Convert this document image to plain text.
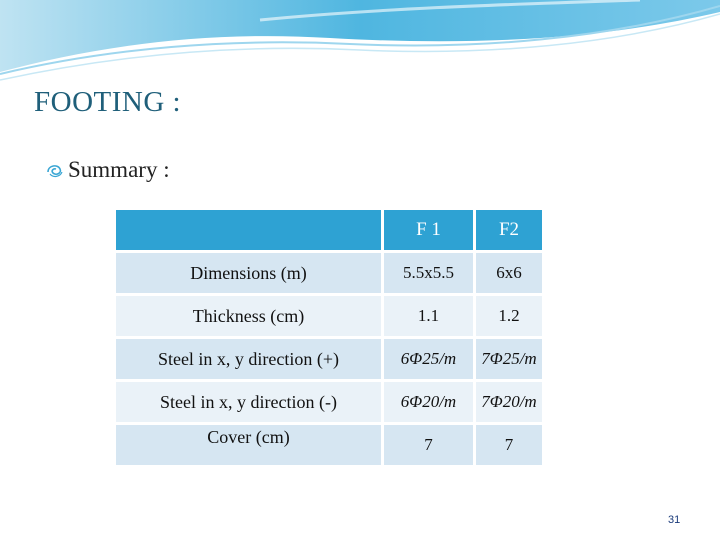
FOOTING :
Summary :
	F 1	F2
Dimensions (m)	5.5x5.5	6x6
Thickness (cm)	1.1	1.2
Steel in x, y direction (+)	6Φ25/m	7Φ25/m
Steel in x, y direction (-)	6Φ20/m	7Φ20/m
Cover (cm)	7	7
31
